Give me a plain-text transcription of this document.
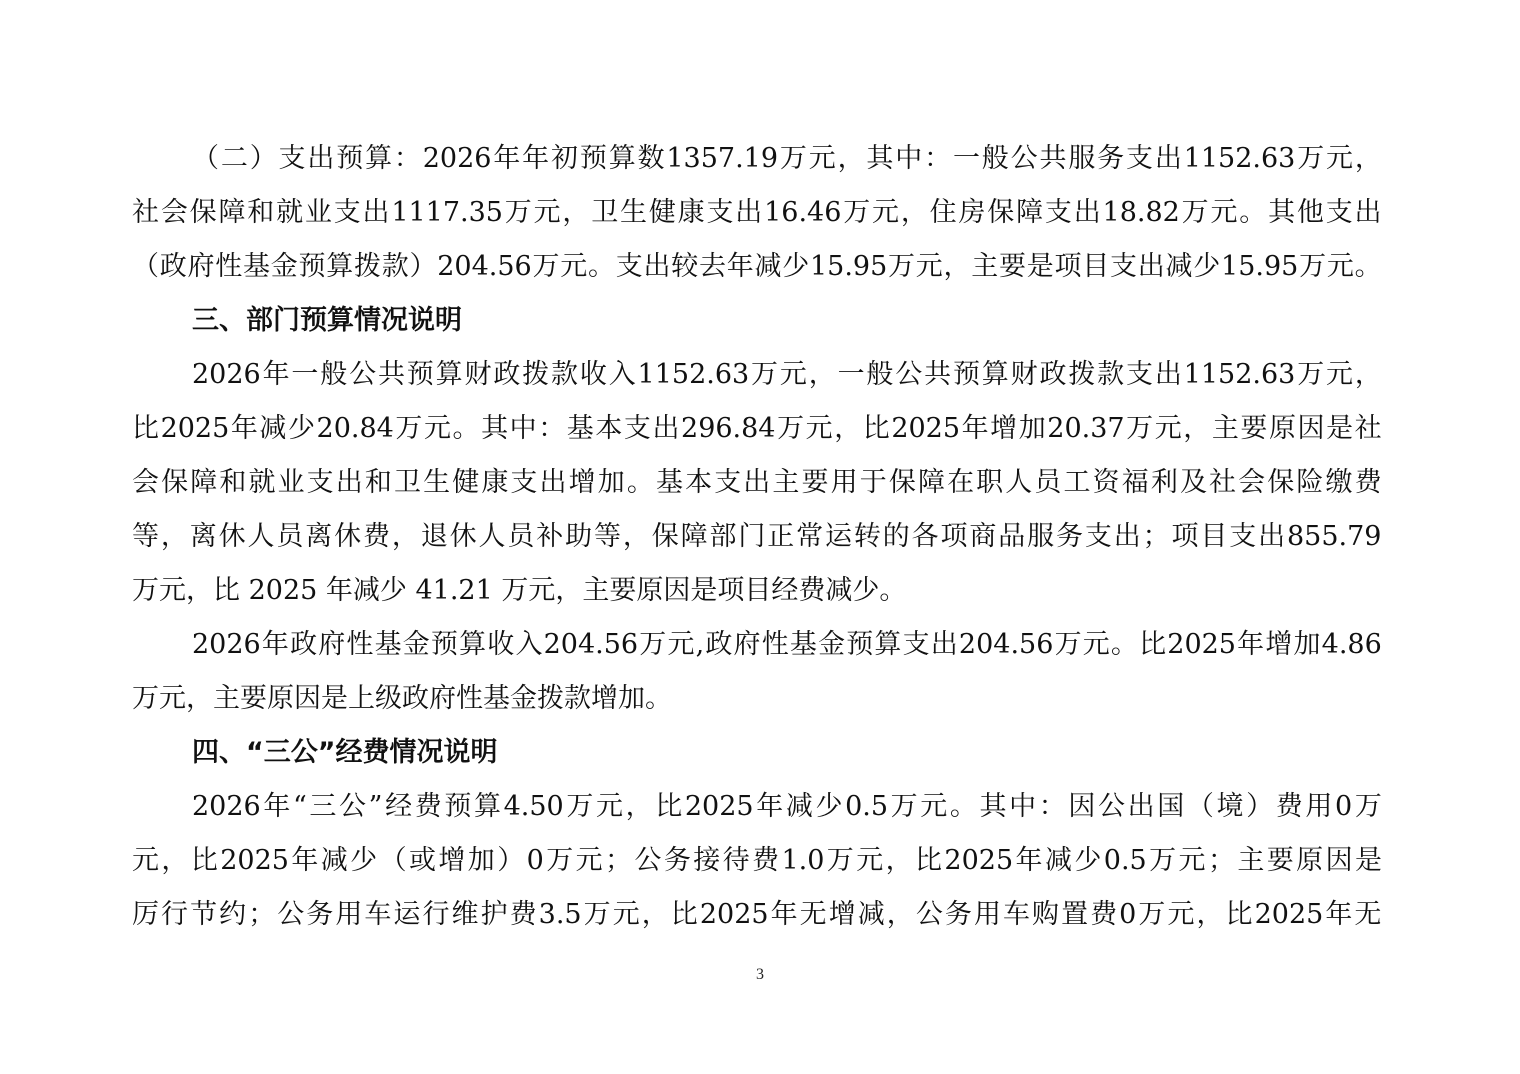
（ 二 ） 支 出 预 算 ： 2026 年 年 初 预 算 数 1357.19 万 元 ， 其 中 ： 一 般 公 共 服 务 支 出 1152.63 万 元 ，
社 会 保 障 和 就 业 支 出 1117.35 万 元 ， 卫 生 健 康 支 出 16.46 万 元 ， 住 房 保 障 支 出 18.82 万 元 。 其 他 支 出
（ 政 府 性 基 金 预 算 拨 款 ） 204.56 万 元 。 支 出 较 去 年 减 少 15.95 万 元 ， 主 要 是 项 目 支 出 减 少 15.95 万 元 。
三、部门预算情况说明
2026 年 一 般 公 共 预 算 财 政 拨 款 收 入 1152.63 万 元 ， 一 般 公 共 预 算 财 政 拨 款 支 出 1152.63 万 元 ，
比 2025 年 减 少 20.84 万 元 。 其 中 ： 基 本 支 出 296.84 万 元 ， 比 2025 年 增 加 20.37 万 元 ， 主 要 原 因 是 社
会 保 障 和 就 业 支 出 和 卫 生 健 康 支 出 增 加 。 基 本 支 出 主 要 用 于 保 障 在 职 人 员 工 资 福 利 及 社 会 保 险 缴 费
等 ， 离 休 人 员 离 休 费 ， 退 休 人 员 补 助 等 ， 保 障 部 门 正 常 运 转 的 各 项 商 品 服 务 支 出 ； 项 目 支 出 855.79
万元，比 2025 年减少 41.21 万元，主要原因是项目经费减少。
2026 年 政 府 性 基 金 预 算 收 入 204.56 万 元 , 政 府 性 基 金 预 算 支 出 204.56 万 元 。 比 2025 年 增 加 4.86
万元，主要原因是上级政府性基金拨款增加。
四、“三公”经费情况说明
2026 年 “ 三 公 ” 经 费 预 算 4.50 万 元 ， 比 2025 年 减 少 0.5 万 元 。 其 中 ： 因 公 出 国 （ 境 ） 费 用 0 万
元 ， 比 2025 年 减 少 （ 或 增 加 ） 0 万 元 ； 公 务 接 待 费 1.0 万 元 ， 比 2025 年 减 少 0.5 万 元 ； 主 要 原 因 是
厉 行 节 约 ； 公 务 用 车 运 行 维 护 费 3.5 万 元 ， 比 2025 年 无 增 减 ， 公 务 用 车 购 置 费 0 万 元 ， 比 2025 年 无
3
